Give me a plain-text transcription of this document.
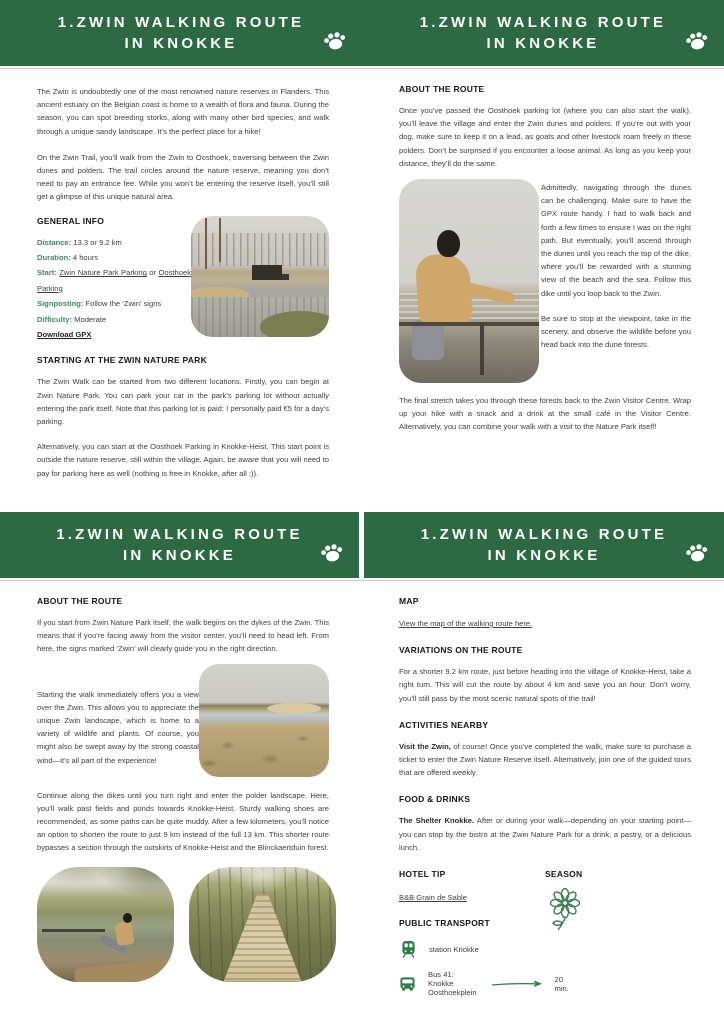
1.ZWIN WALKING ROUTE
IN KNOKKE

The Zwin is undoubtedly one of the most renowned nature reserves in Flanders. This ancient estuary on the Belgian coast is home to a wealth of flora and fauna. During the season, you can spot breeding storks, along with many other bird species, and walk through a unique sandy landscape. It’s the perfect place for a hike!

On the Zwin Trail, you’ll walk from the Zwin to Oosthoek, traversing between the Zwin dunes and polders. The trail circles around the nature reserve, meaning you don’t need to pay an entrance fee. While you won’t be entering the reserve itself, you’ll still get a glimpse of this unique natural area.

GENERAL INFO
Distance: 13.3 or 9.2 km
Duration: 4 hours
Start: Zwin Nature Park Parking or Oosthoek Parking
Signposting: Follow the ‘Zwin’ signs
Difficulty: Moderate
Download GPX
STARTING AT THE ZWIN NATURE PARK

The Zwin Walk can be started from two different locations. Firstly, you can begin at Zwin Nature Park. You can park your car in the park’s parking lot without actually entering the park itself. Note that this parking lot is paid; I personally paid €5 for a day’s parking.

Alternatively, you can start at the Oosthoek Parking in Knokke-Heist. This start point is outside the nature reserve, still within the village. Again, be aware that you will need to pay for parking here as well (nothing is free in Knokke, after all :)).

1.ZWIN WALKING ROUTE
IN KNOKKE
ABOUT THE ROUTE

Once you’ve passed the Oosthoek parking lot (where you can also start the walk), you’ll leave the village and enter the Zwin dunes and polders. If you’re out with your dog, make sure to keep it on a lead, as goats and other livestock roam freely in these polders. Don’t be surprised if you encounter a loose animal. As long as you keep your distance, they’ll do the same.

Admittedly, navigating through the dunes can be challenging. Make sure to have the GPX route handy. I had to walk back and forth a few times to ensure I was on the right path. But eventually, you’ll ascend through the dunes until you reach the top of the dike, where you’ll be rewarded with a stunning view of the beach and the sea. Follow this dike until you loop back to the Zwin.

Be sure to stop at the viewpoint, take in the scenery, and observe the wildlife before you head back into the dune forests.

The final stretch takes you through these forests back to the Zwin Visitor Centre. Wrap up your hike with a snack and a drink at the small café in the Visitor Centre. Alternatively, you can combine your walk with a visit to the Nature Park itself!

1.ZWIN WALKING ROUTE
IN KNOKKE
ABOUT THE ROUTE

If you start from Zwin Nature Park itself, the walk begins on the dykes of the Zwin. This means that if you’re facing away from the visitor center, you’ll need to head left. From here, the signs marked ‘Zwin’ will clearly guide you in the right direction.

Starting the walk immediately offers you a view over the Zwin. This allows you to appreciate the unique Zwin landscape, which is home to a variety of wildlife and plants. Of course, you might also be swept away by the strong coastal wind—it’s all part of the experience!

Continue along the dikes until you turn right and enter the polder landscape. Here, you’ll walk past fields and ponds towards Knokke-Heist. Sturdy walking shoes are recommended, as some paths can be quite muddy. After a few kilometers, you’ll notice an option to shorten the route to just 9 km instead of the full 13 km. This shorter route bypasses a section through the outskirts of Knokke-Heist and the Blinckaertduin forest.

1.ZWIN WALKING ROUTE
IN KNOKKE
MAP

View the map of the walking route here.

VARIATIONS ON THE ROUTE

For a shorter 9.2 km route, just before heading into the village of Knokke-Heist, take a right turn. This will cut the route by about 4 km and save you an hour. Don’t worry, you’ll still pass by the most scenic natural spots of the trail!

ACTIVITIES NEARBY

Visit the Zwin, of course! Once you’ve completed the walk, make sure to purchase a ticket to enter the Zwin Nature Reserve itself. Alternatively, join one of the guided tours that are offered weekly.

FOOD & DRINKS

The Shelter Knokke. After or during your walk—depending on your starting point—you can stop by the bistro at the Zwin Nature Park for a drink, a pastry, or a delicious lunch.

HOTEL TIP

B&B Grain de Sable

PUBLIC TRANSPORT
station Knokke
Bus 41: Knokke Oosthoekplein
20 min.
SEASON
